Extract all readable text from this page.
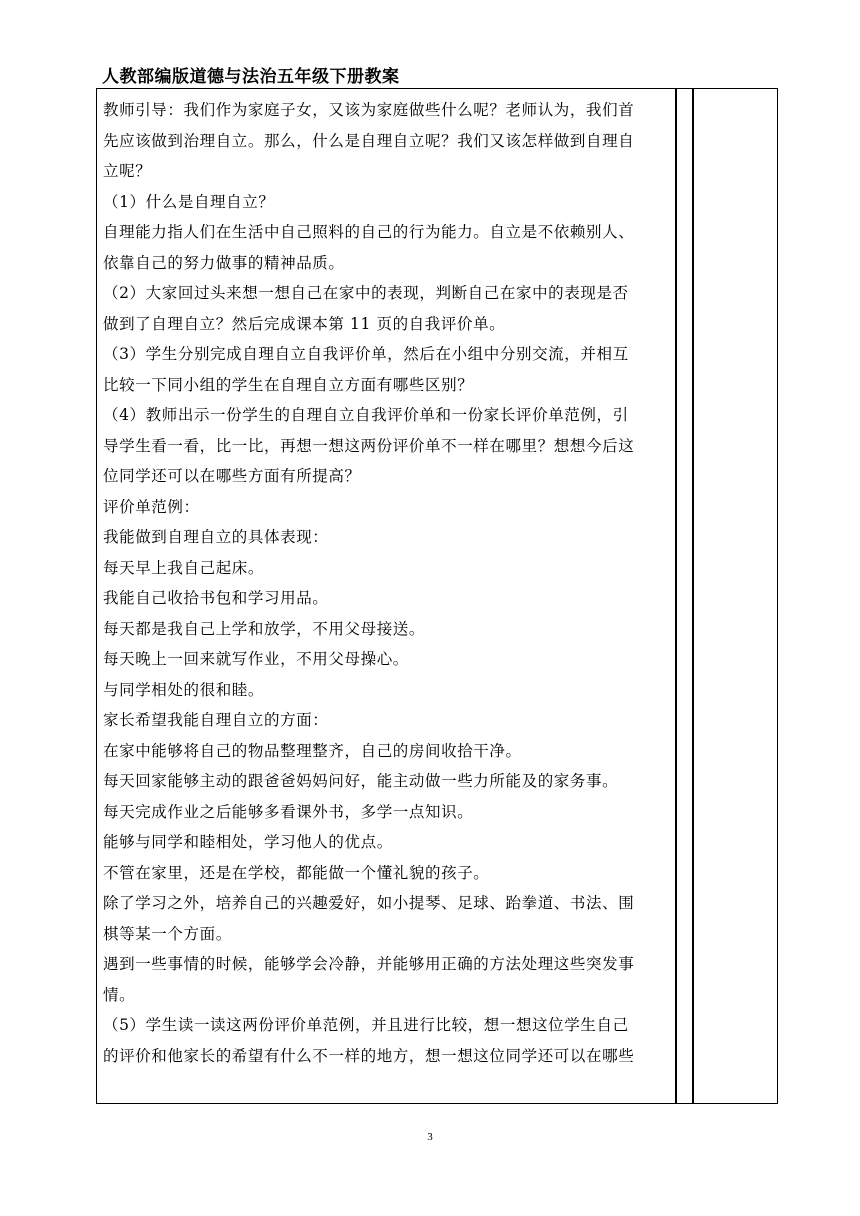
人教部编版道德与法治五年级下册教案
教师引导：我们作为家庭子女，又该为家庭做些什么呢？老师认为，我们首
先应该做到治理自立。那么，什么是自理自立呢？我们又该怎样做到自理自
立呢？
（1）什么是自理自立？
自理能力指人们在生活中自己照料的自己的行为能力。自立是不依赖别人、
依靠自己的努力做事的精神品质。
（2）大家回过头来想一想自己在家中的表现，判断自己在家中的表现是否
做到了自理自立？然后完成课本第 11 页的自我评价单。
（3）学生分别完成自理自立自我评价单，然后在小组中分别交流，并相互
比较一下同小组的学生在自理自立方面有哪些区别？
（4）教师出示一份学生的自理自立自我评价单和一份家长评价单范例，引
导学生看一看，比一比，再想一想这两份评价单不一样在哪里？想想今后这
位同学还可以在哪些方面有所提高？
评价单范例：
我能做到自理自立的具体表现：
每天早上我自己起床。
我能自己收拾书包和学习用品。
每天都是我自己上学和放学，不用父母接送。
每天晚上一回来就写作业，不用父母操心。
与同学相处的很和睦。
家长希望我能自理自立的方面：
在家中能够将自己的物品整理整齐，自己的房间收拾干净。
每天回家能够主动的跟爸爸妈妈问好，能主动做一些力所能及的家务事。
每天完成作业之后能够多看课外书，多学一点知识。
能够与同学和睦相处，学习他人的优点。
不管在家里，还是在学校，都能做一个懂礼貌的孩子。
除了学习之外，培养自己的兴趣爱好，如小提琴、足球、跆拳道、书法、围
棋等某一个方面。
遇到一些事情的时候，能够学会冷静，并能够用正确的方法处理这些突发事
情。
（5）学生读一读这两份评价单范例，并且进行比较，想一想这位学生自己
的评价和他家长的希望有什么不一样的地方，想一想这位同学还可以在哪些
3
